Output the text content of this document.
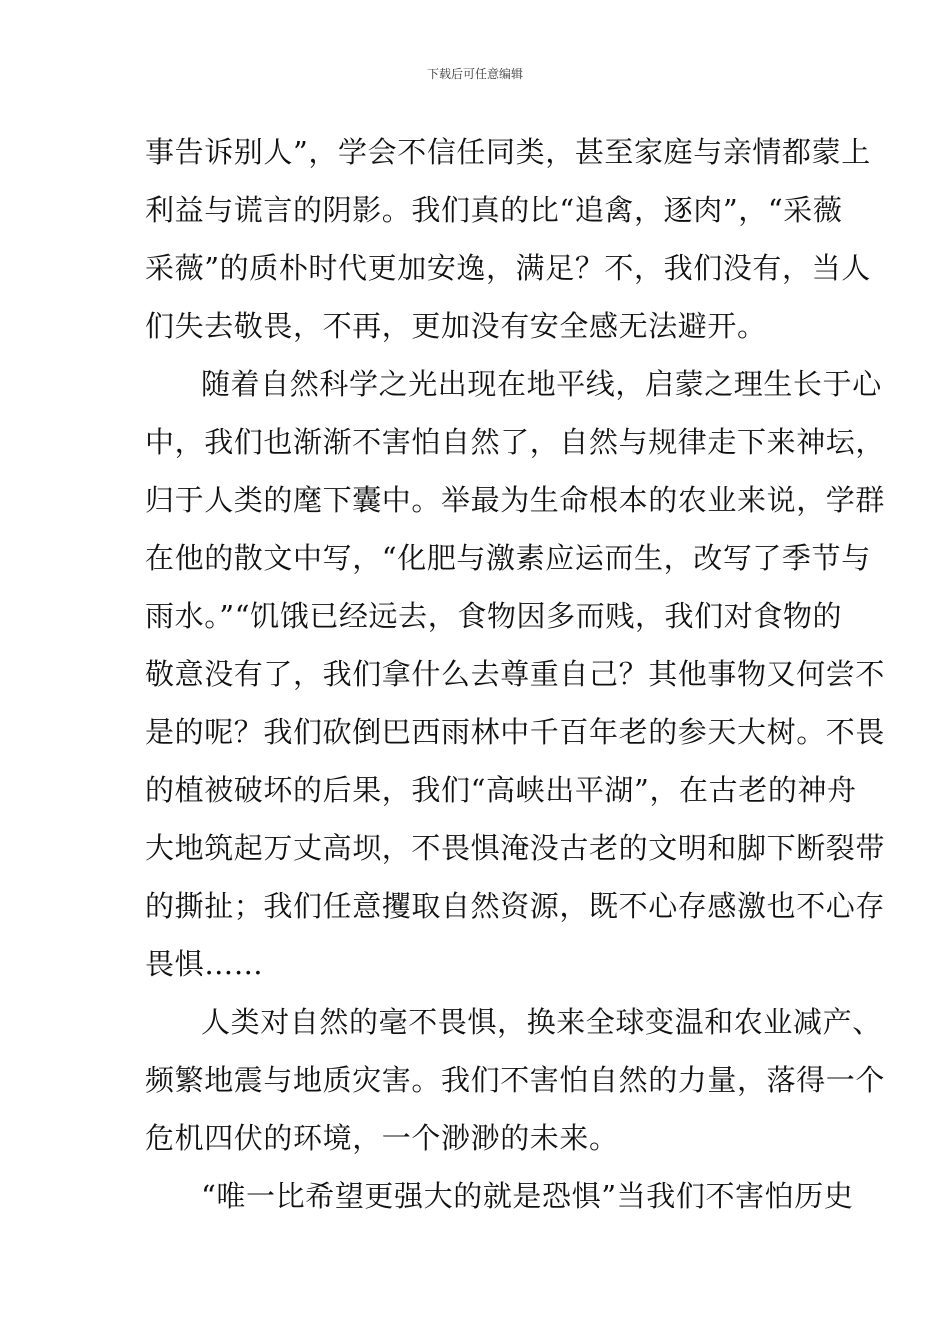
下载后可任意编辑
事告诉别人”，学会不信任同类，甚至家庭与亲情都蒙上
利益与谎言的阴影。我们真的比“追禽，逐肉”，“采薇
采薇”的质朴时代更加安逸，满足？不，我们没有，当人
们失去敬畏，不再，更加没有安全感无法避开。
随着自然科学之光出现在地平线，启蒙之理生长于心
中，我们也渐渐不害怕自然了，自然与规律走下来神坛，
归于人类的麾下囊中。举最为生命根本的农业来说，学群
在他的散文中写，“化肥与激素应运而生，改写了季节与
雨水。”“饥饿已经远去，食物因多而贱，我们对食物的
敬意没有了，我们拿什么去尊重自己？其他事物又何尝不
是的呢？我们砍倒巴西雨林中千百年老的参天大树。不畏
的植被破坏的后果，我们“高峡出平湖”，在古老的神舟
大地筑起万丈高坝，不畏惧淹没古老的文明和脚下断裂带
的撕扯；我们任意攫取自然资源，既不心存感激也不心存
畏惧……
人类对自然的毫不畏惧，换来全球变温和农业减产、
频繁地震与地质灾害。我们不害怕自然的力量，落得一个
危机四伏的环境，一个渺渺的未来。
“唯一比希望更强大的就是恐惧”当我们不害怕历史
